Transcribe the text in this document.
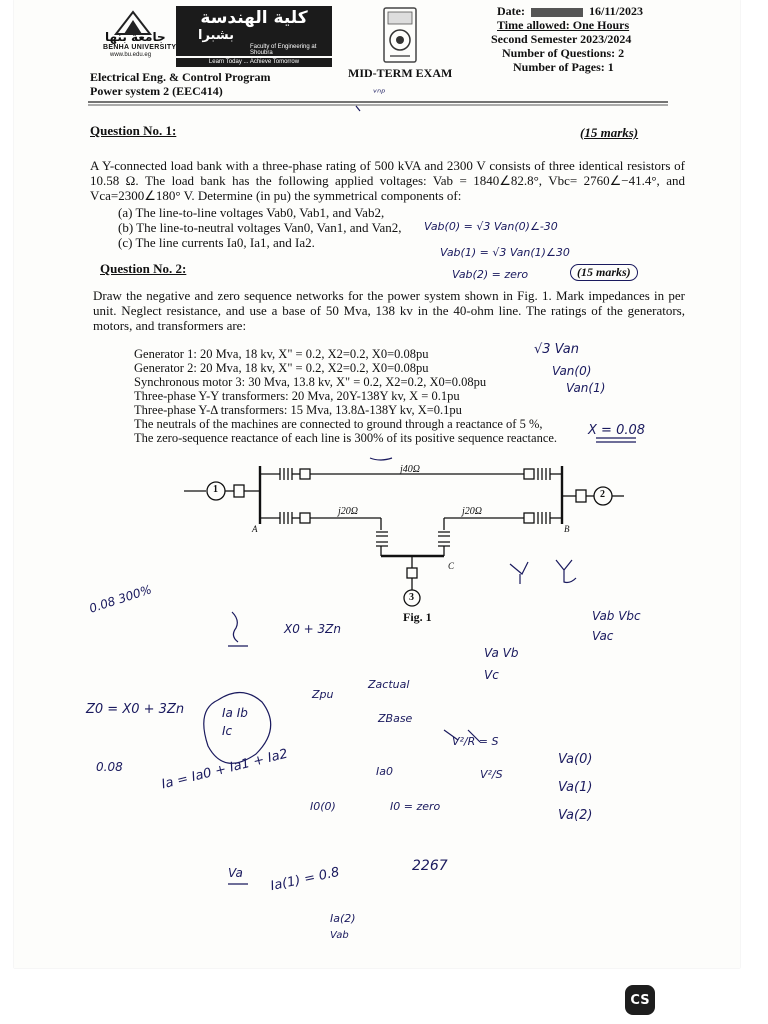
جامعة بنها
BENHA UNIVERSITY
www.bu.edu.eg
كلية الهندسة
بشبرا
Faculty of Engineering at Shoubra
Learn Today ... Achieve Tomorrow
Electrical Eng. & Control Program
Power system 2 (EEC414)
MID-TERM EXAM
ᵛⁿᵖ
Date:	16/11/2023
Time allowed: One Hours
Second Semester 2023/2024
Number of Questions: 2
Number of Pages: 1
Question No. 1:	(15 marks)
A Y-connected load bank with a three-phase rating of 500 kVA and 2300 V consists of three identical resistors of 10.58 Ω. The load bank has the following applied voltages: Vab = 1840∠82.8°, Vbc= 2760∠−41.4°, and Vca=2300∠180° V. Determine (in pu) the symmetrical components of:
(a) The line-to-line voltages Vab0, Vab1, and Vab2,
(b) The line-to-neutral voltages Van0, Van1, and Van2,
(c) The line currents Ia0, Ia1, and Ia2.
Vab(0) = √3 Van(0)∠-30
Vab(1) = √3 Van(1)∠30
Vab(2) = zero
Question No. 2:	(15 marks)
Draw the negative and zero sequence networks for the power system shown in Fig. 1. Mark impedances in per unit. Neglect resistance, and use a base of 50 Mva, 138 kv in the 40-ohm line. The ratings of the generators, motors, and transformers are:
Generator 1: 20 Mva, 18 kv, X" = 0.2, X2=0.2, X0=0.08pu
Generator 2: 20 Mva, 18 kv, X" = 0.2, X2=0.2, X0=0.08pu
Synchronous motor 3: 30 Mva, 13.8 kv, X" = 0.2, X2=0.2, X0=0.08pu
Three-phase Y-Y transformers: 20 Mva, 20Y-138Y kv, X = 0.1pu
Three-phase Y-Δ transformers: 15 Mva, 13.8Δ-138Y kv, X=0.1pu
The neutrals of the machines are connected to ground through a reactance of 5 %,
The zero-sequence reactance of each line is 300% of its positive sequence reactance.
√3 Van
Van(0)
Van(1)
X = 0.08
j40Ω
j20Ω	j20Ω
1	2
3
A	B
C
Fig. 1
0.08 300%
X0 + 3Zn
Z0 = X0 + 3Zn	Ia Ib Ic
0.08	Ia = Ia0 + Ia1 + Ia2
Zactual
ZBase
V²/R = S
V²/S
Zpu
Ia0
I0(0)	I0 = zero
Ia(1) = 0.8
Ia(2)
2267
Vab Vbc Vac
Va Vb Vc
Va(0) Va(1) Va(2)
Va
Vab
CS
